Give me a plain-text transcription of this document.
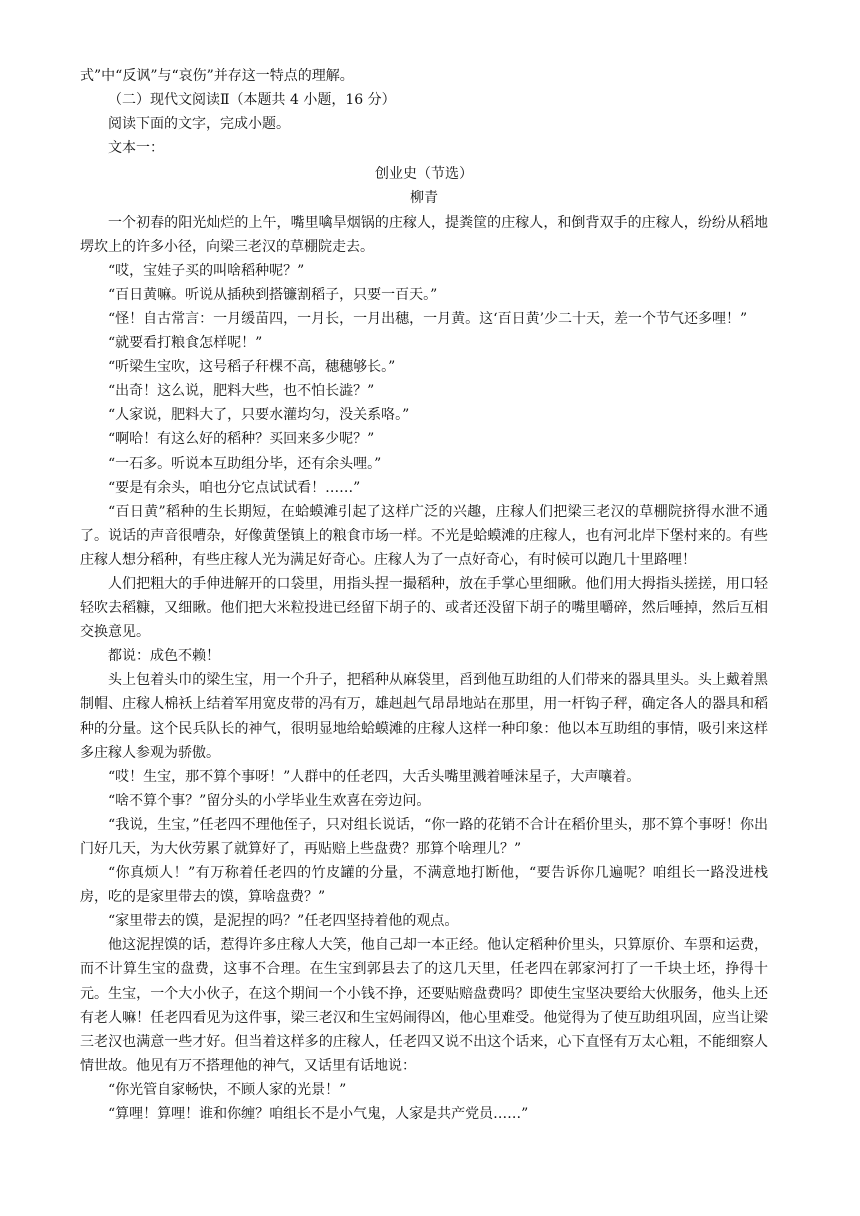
式”中“反讽”与“哀伤”并存这一特点的理解。

（二）现代文阅读Ⅱ（本题共 4 小题，16 分）

阅读下面的文字，完成小题。

文本一：

创业史（节选）

柳青

一个初春的阳光灿烂的上午，嘴里噙旱烟锅的庄稼人，提粪筐的庄稼人，和倒背双手的庄稼人，纷纷从稻地塄坎上的许多小径，向梁三老汉的草棚院走去。

“哎，宝娃子买的叫啥稻种呢？”

“百日黄嘛。听说从插秧到搭镰割稻子，只要一百天。”

“怪！自古常言：一月缓苗四，一月长，一月出穗，一月黄。这‘百日黄’少二十天，差一个节气还多哩！”

“就要看打粮食怎样呢！”

“听梁生宝吹，这号稻子秆棵不高，穗穗够长。”

“出奇！这么说，肥料大些，也不怕长澁？”

“人家说，肥料大了，只要水灌均匀，没关系咯。”

“啊哈！有这么好的稻种？买回来多少呢？”

“一石多。听说本互助组分毕，还有余头哩。”

“要是有余头，咱也分它点试试看！……”

“百日黄”稻种的生长期短，在蛤蟆滩引起了这样广泛的兴趣，庄稼人们把梁三老汉的草棚院挤得水泄不通了。说话的声音很嘈杂，好像黄堡镇上的粮食市场一样。不光是蛤蟆滩的庄稼人，也有河北岸下堡村来的。有些庄稼人想分稻种，有些庄稼人光为满足好奇心。庄稼人为了一点好奇心，有时候可以跑几十里路哩！

人们把粗大的手伸进解开的口袋里，用指头捏一撮稻种，放在手掌心里细瞅。他们用大拇指头搓搓，用口轻轻吹去稻糠，又细瞅。他们把大米粒投进已经留下胡子的、或者还没留下胡子的嘴里嚼碎，然后唾掉，然后互相交换意见。

都说：成色不赖！

头上包着头巾的梁生宝，用一个升子，把稻种从麻袋里，舀到他互助组的人们带来的器具里头。头上戴着黑制帽、庄稼人棉袄上结着军用宽皮带的冯有万，雄赳赳气昂昂地站在那里，用一杆钩子秤，确定各人的器具和稻种的分量。这个民兵队长的神气，很明显地给蛤蟆滩的庄稼人这样一种印象：他以本互助组的事情，吸引来这样多庄稼人参观为骄傲。

“哎！生宝，那不算个事呀！”人群中的任老四，大舌头嘴里溅着唾沫星子，大声嚷着。

“啥不算个事？”留分头的小学毕业生欢喜在旁边问。

“我说，生宝，”任老四不理他侄子，只对组长说话，“你一路的花销不合计在稻价里头，那不算个事呀！你出门好几天，为大伙劳累了就算好了，再贴赔上些盘费？那算个啥理儿？”

“你真烦人！”有万称着任老四的竹皮罐的分量，不满意地打断他，“要告诉你几遍呢？咱组长一路没进栈房，吃的是家里带去的馍，算啥盘费？”

“家里带去的馍，是泥捏的吗？”任老四坚持着他的观点。

他这泥捏馍的话，惹得许多庄稼人大笑，他自己却一本正经。他认定稻种价里头，只算原价、车票和运费，而不计算生宝的盘费，这事不合理。在生宝到郭县去了的这几天里，任老四在郭家河打了一千块土坯，挣得十元。生宝，一个大小伙子，在这个期间一个小钱不挣，还要贴赔盘费吗？即使生宝坚决要给大伙服务，他头上还有老人嘛！任老四看见为这件事，梁三老汉和生宝妈闹得凶，他心里难受。他觉得为了使互助组巩固，应当让梁三老汉也满意一些才好。但当着这样多的庄稼人，任老四又说不出这个话来，心下直怪有万太心粗，不能细察人情世故。他见有万不搭理他的神气，又话里有话地说：

“你光管自家畅快，不顾人家的光景！”

“算哩！算哩！谁和你缠？咱组长不是小气鬼，人家是共产党员……”
